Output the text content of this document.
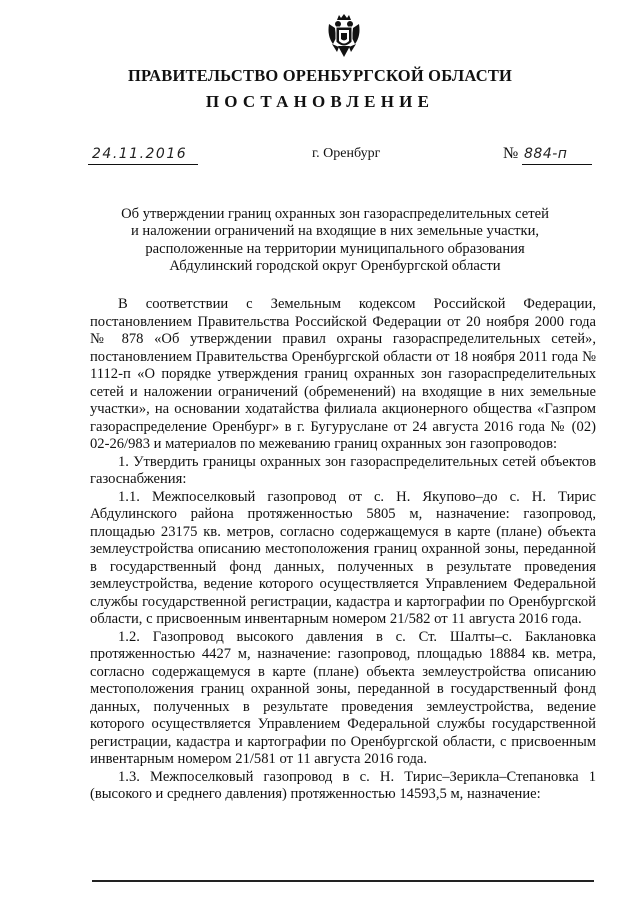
ПРАВИТЕЛЬСТВО ОРЕНБУРГСКОЙ ОБЛАСТИ
ПОСТАНОВЛЕНИЕ
24.11.2016	г. Оренбург	№ 884-п
Об утверждении границ охранных зон газораспределительных сетей
и наложении ограничений на входящие в них земельные участки,
расположенные на территории муниципального образования
Абдулинский городской округ Оренбургской области

В соответствии с Земельным кодексом Российской Федерации, постановлением Правительства Российской Федерации от 20 ноября 2000 года № 878 «Об утверждении правил охраны газораспределительных сетей», постановлением Правительства Оренбургской области от 18 ноября 2011 года № 1112-п «О порядке утверждения границ охранных зон газораспределительных сетей и наложении ограничений (обременений) на входящие в них земельные участки», на основании ходатайства филиала акционерного общества «Газпром газораспределение Оренбург» в г. Бугуруслане от 24 августа 2016 года № (02) 02-26/983 и материалов по межеванию границ охранных зон газопроводов:

1. Утвердить границы охранных зон газораспределительных сетей объектов газоснабжения:

1.1. Межпоселковый газопровод от с. Н. Якупово–до с. Н. Тирис Абдулинского района протяженностью 5805 м, назначение: газопровод, площадью 23175 кв. метров, согласно содержащемуся в карте (плане) объекта землеустройства описанию местоположения границ охранной зоны, переданной в государственный фонд данных, полученных в результате проведения землеустройства, ведение которого осуществляется Управлением Федеральной службы государственной регистрации, кадастра и картографии по Оренбургской области, с присвоенным инвентарным номером 21/582 от 11 августа 2016 года.

1.2. Газопровод высокого давления в с. Ст. Шалты–с. Баклановка протяженностью 4427 м, назначение: газопровод, площадью 18884 кв. метра, согласно содержащемуся в карте (плане) объекта землеустройства описанию местоположения границ охранной зоны, переданной в государственный фонд данных, полученных в результате проведения землеустройства, ведение которого осуществляется Управлением Федеральной службы государственной регистрации, кадастра и картографии по Оренбургской области, с присвоенным инвентарным номером 21/581 от 11 августа 2016 года.

1.3. Межпоселковый газопровод в с. Н. Тирис–Зерикла–Степановка 1 (высокого и среднего давления) протяженностью 14593,5 м, назначение:
